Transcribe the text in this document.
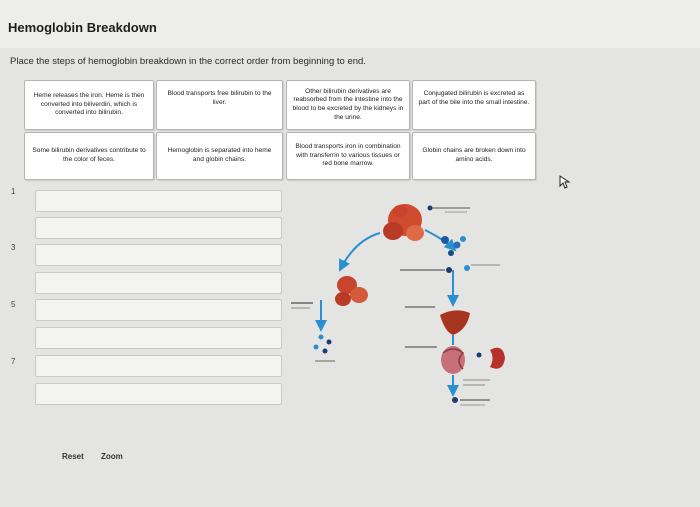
Hemoglobin Breakdown
Place the steps of hemoglobin breakdown in the correct order from beginning to end.
Heme releases the iron. Heme is then converted into biliverdin, which is converted into bilirubin.
Blood transports free bilirubin to the liver.
Other bilirubin derivatives are reabsorbed from the intestine into the blood to be excreted by the kidneys in the urine.
Conjugated bilirubin is excreted as part of the bile into the small intestine.
Some bilirubin derivatives contribute to the color of feces.
Hemoglobin is separated into heme and globin chains.
Blood transports iron in combination with transferrin to various tissues or red bone marrow.
Globin chains are broken down into amino acids.
1
3
5
7
Reset Zoom
